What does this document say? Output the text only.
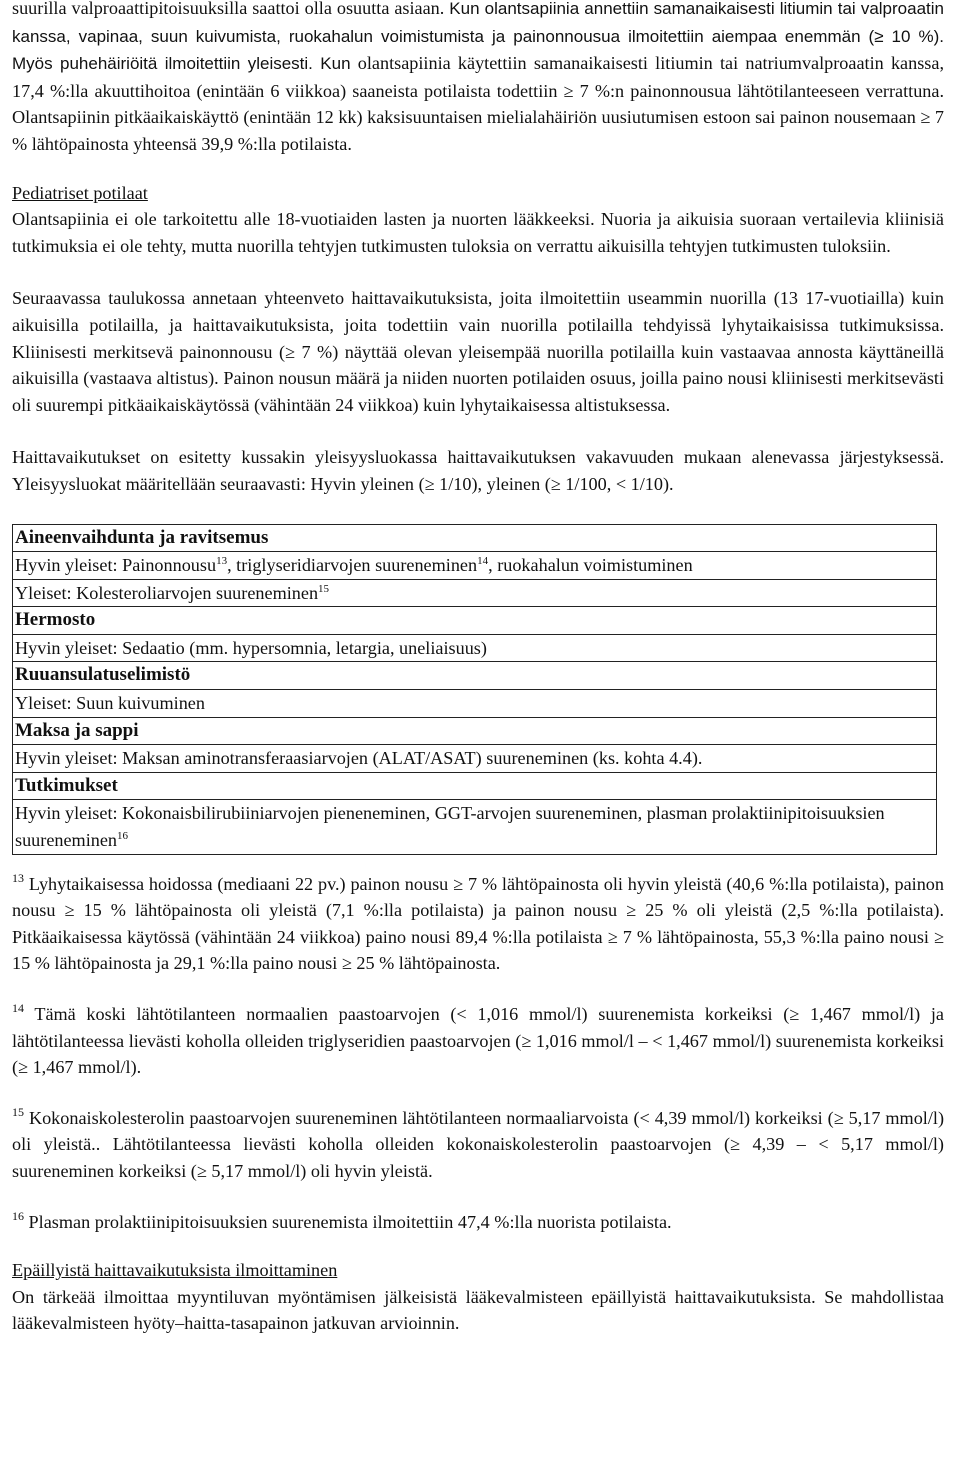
suurilla valproaattipitoisuuksilla saattoi olla osuutta asiaan. Kun olantsapiinia annettiin samanaikaisesti litiumin tai valproaatin kanssa, vapinaa, suun kuivumista, ruokahalun voimistumista ja painonnousua ilmoitettiin aiempaa enemmän (≥ 10 %). Myös puhehäiriöitä ilmoitettiin yleisesti. Kun olantsapiinia käytettiin samanaikaisesti litiumin tai natriumvalproaatin kanssa, 17,4 %:lla akuuttihoitoa (enintään 6 viikkoa) saaneista potilaista todettiin ≥ 7 %:n painonnousua lähtötilanteeseen verrattuna. Olantsapiinin pitkäaikaiskäyttö (enintään 12 kk) kaksisuuntaisen mielialahäiriön uusiutumisen estoon sai painon nousemaan ≥ 7 % lähtöpainosta yhteensä 39,9 %:lla potilaista.

Pediatriset potilaat

Olantsapiinia ei ole tarkoitettu alle 18-vuotiaiden lasten ja nuorten lääkkeeksi. Nuoria ja aikuisia suoraan vertailevia kliinisiä tutkimuksia ei ole tehty, mutta nuorilla tehtyjen tutkimusten tuloksia on verrattu aikuisilla tehtyjen tutkimusten tuloksiin.

Seuraavassa taulukossa annetaan yhteenveto haittavaikutuksista, joita ilmoitettiin useammin nuorilla (13 17-vuotiailla) kuin aikuisilla potilailla, ja haittavaikutuksista, joita todettiin vain nuorilla potilailla tehdyissä lyhytaikaisissa tutkimuksissa. Kliinisesti merkitsevä painonnousu (≥ 7 %) näyttää olevan yleisempää nuorilla potilailla kuin vastaavaa annosta käyttäneillä aikuisilla (vastaava altistus). Painon nousun määrä ja niiden nuorten potilaiden osuus, joilla paino nousi kliinisesti merkitsevästi oli suurempi pitkäaikaiskäytössä (vähintään 24 viikkoa) kuin lyhytaikaisessa altistuksessa.

Haittavaikutukset on esitetty kussakin yleisyysluokassa haittavaikutuksen vakavuuden mukaan alenevassa järjestyksessä. Yleisyysluokat määritellään seuraavasti: Hyvin yleinen (≥ 1/10), yleinen (≥ 1/100, < 1/10).

Aineenvaihdunta ja ravitsemus
Hyvin yleiset: Painonnousu$^{13}$, triglyseridiarvojen suureneminen$^{14}$, ruokahalun voimistuminen
Yleiset: Kolesteroliarvojen suureneminen$^{15}$
Hermosto
Hyvin yleiset: Sedaatio (mm. hypersomnia, letargia, uneliaisuus)
Ruuansulatuselimistö
Yleiset: Suun kuivuminen
Maksa ja sappi
Hyvin yleiset: Maksan aminotransferaasiarvojen (ALAT/ASAT) suureneminen (ks. kohta 4.4).
Tutkimukset
Hyvin yleiset: Kokonaisbilirubiiniarvojen pieneneminen, GGT-arvojen suureneminen, plasman prolaktiinipitoisuuksien suureneminen$^{16}$

$^{13}$ Lyhytaikaisessa hoidossa (mediaani 22 pv.) painon nousu ≥ 7 % lähtöpainosta oli hyvin yleistä (40,6 %:lla potilaista), painon nousu ≥ 15 % lähtöpainosta oli yleistä (7,1 %:lla potilaista) ja painon nousu ≥ 25 % oli yleistä (2,5 %:lla potilaista). Pitkäaikaisessa käytössä (vähintään 24 viikkoa) paino nousi 89,4 %:lla potilaista ≥ 7 % lähtöpainosta, 55,3 %:lla paino nousi ≥ 15 % lähtöpainosta ja 29,1 %:lla paino nousi ≥ 25 % lähtöpainosta.

$^{14}$ Tämä koski lähtötilanteen normaalien paastoarvojen (< 1,016 mmol/l) suurenemista korkeiksi (≥ 1,467 mmol/l) ja lähtötilanteessa lievästi koholla olleiden triglyseridien paastoarvojen (≥ 1,016 mmol/l – < 1,467 mmol/l) suurenemista korkeiksi (≥ 1,467 mmol/l).

$^{15}$ Kokonaiskolesterolin paastoarvojen suureneminen lähtötilanteen normaaliarvoista (< 4,39 mmol/l) korkeiksi (≥ 5,17 mmol/l) oli yleistä.. Lähtötilanteessa lievästi koholla olleiden kokonaiskolesterolin paastoarvojen (≥ 4,39 – < 5,17 mmol/l) suureneminen korkeiksi (≥ 5,17 mmol/l) oli hyvin yleistä.

$^{16}$ Plasman prolaktiinipitoisuuksien suurenemista ilmoitettiin 47,4 %:lla nuorista potilaista.

Epäillyistä haittavaikutuksista ilmoittaminen

On tärkeää ilmoittaa myyntiluvan myöntämisen jälkeisistä lääkevalmisteen epäillyistä haittavaikutuksista. Se mahdollistaa lääkevalmisteen hyöty–haitta-tasapainon jatkuvan arvioinnin.
